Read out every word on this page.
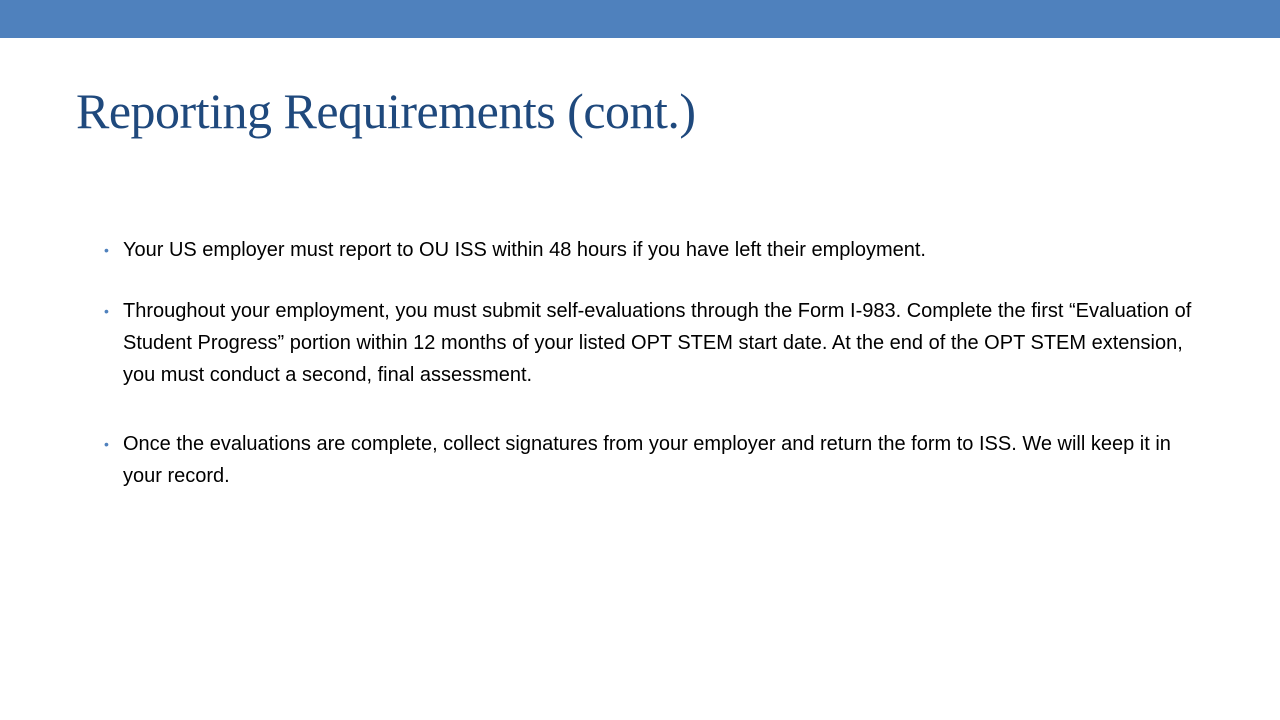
Reporting Requirements (cont.)
• Your US employer must report to OU ISS within 48 hours if you have left their employment.
• Throughout your employment, you must submit self-evaluations through the Form I-983. Complete the first “Evaluation of Student Progress” portion within 12 months of your listed OPT STEM start date. At the end of the OPT STEM extension, you must conduct a second, final assessment.
• Once the evaluations are complete, collect signatures from your employer and return the form to ISS. We will keep it in your record.
